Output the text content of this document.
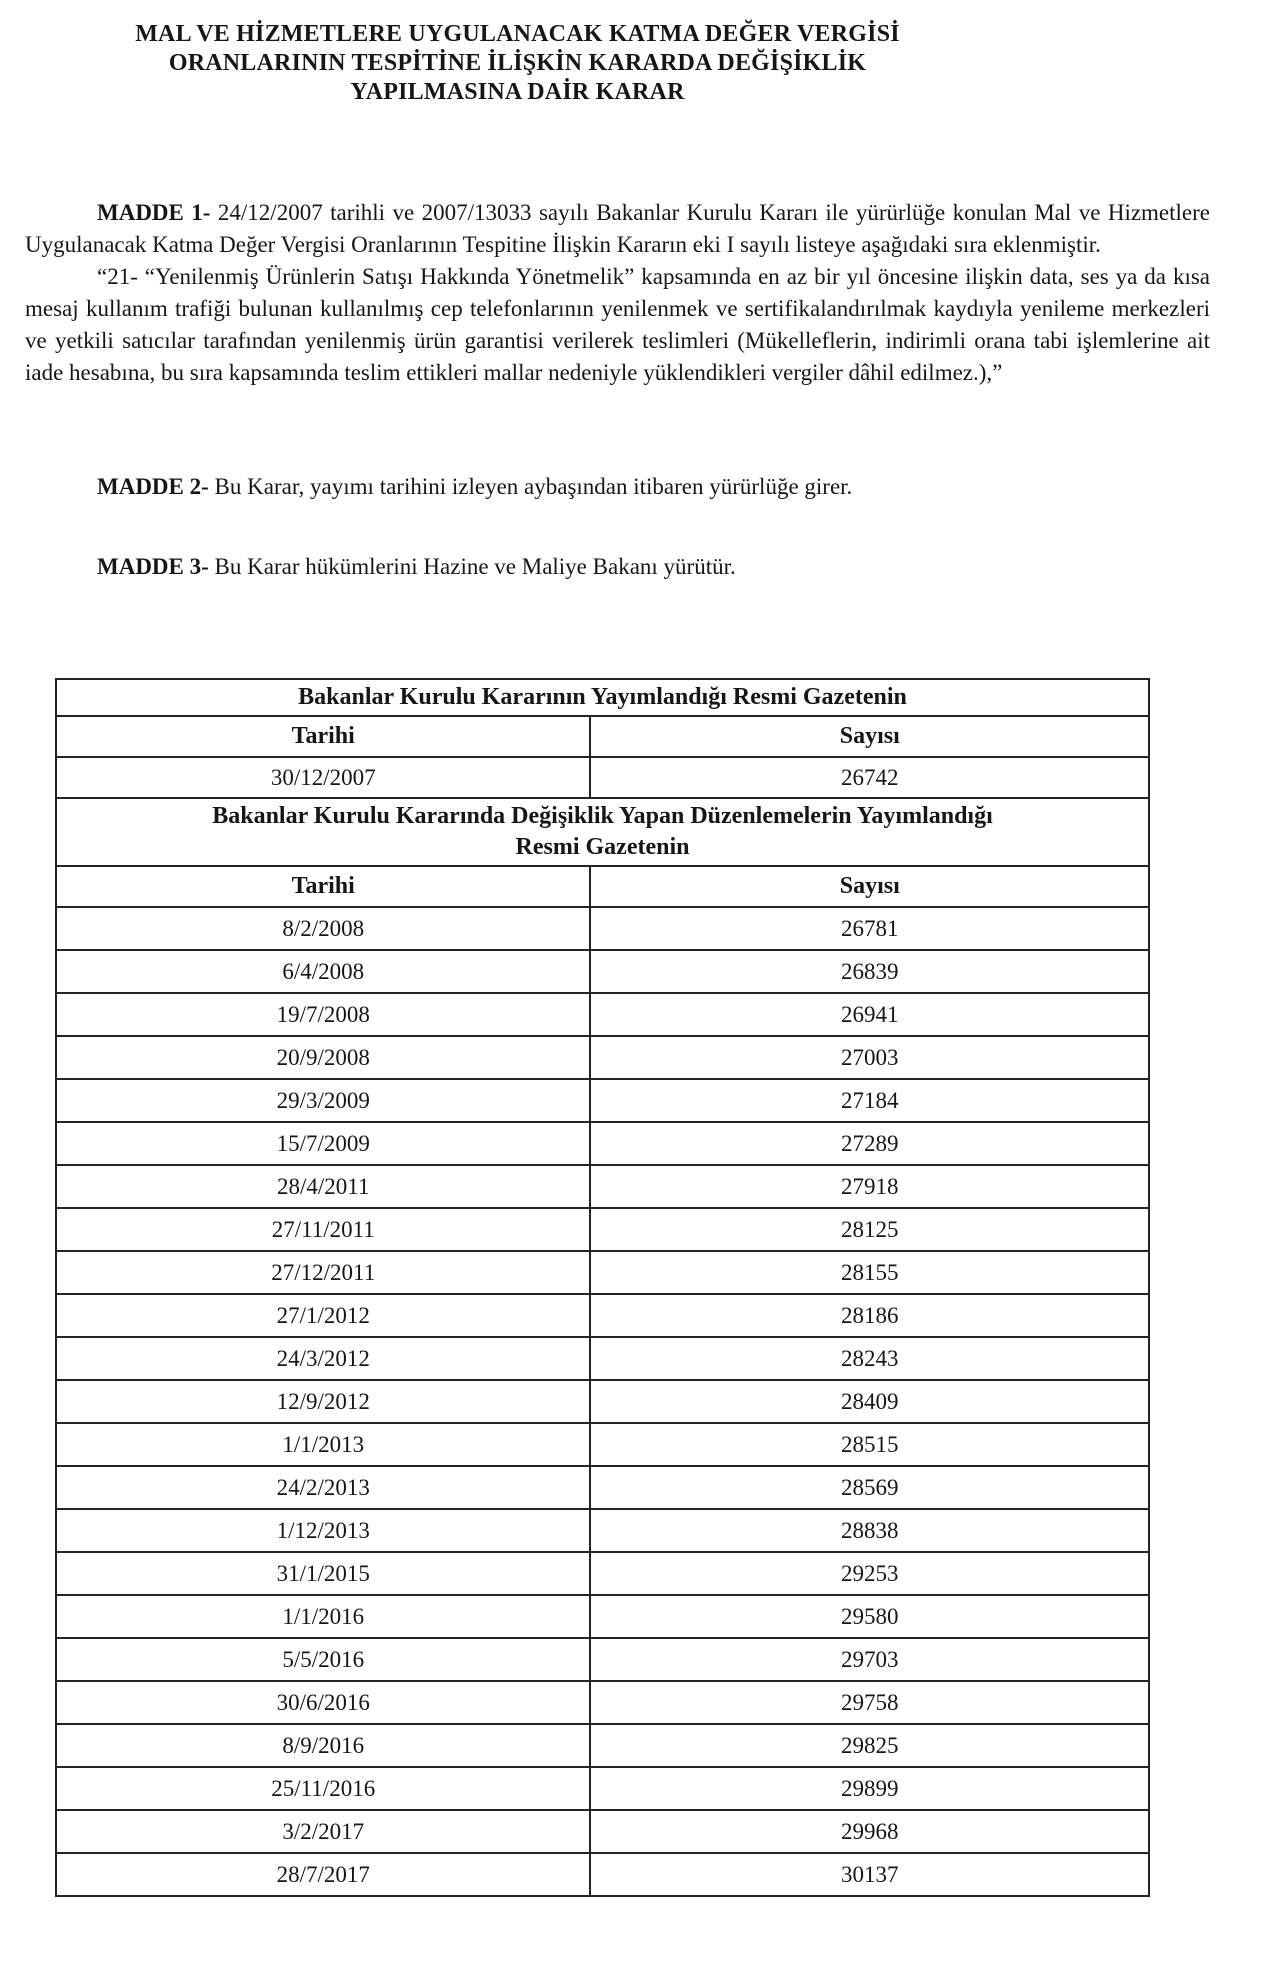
MAL VE HİZMETLERE UYGULANACAK KATMA DEĞER VERGİSİ
ORANLARININ TESPİTİNE İLİŞKİN KARARDA DEĞİŞİKLİK
YAPILMASINA DAİR KARAR

MADDE 1- 24/12/2007 tarihli ve 2007/13033 sayılı Bakanlar Kurulu Kararı ile yürürlüğe konulan Mal ve Hizmetlere Uygulanacak Katma Değer Vergisi Oranlarının Tespitine İlişkin Kararın eki I sayılı listeye aşağıdaki sıra eklenmiştir.

“21- “Yenilenmiş Ürünlerin Satışı Hakkında Yönetmelik” kapsamında en az bir yıl öncesine ilişkin data, ses ya da kısa mesaj kullanım trafiği bulunan kullanılmış cep telefonlarının yenilenmek ve sertifikalandırılmak kaydıyla yenileme merkezleri ve yetkili satıcılar tarafından yenilenmiş ürün garantisi verilerek teslimleri (Mükelleflerin, indirimli orana tabi işlemlerine ait iade hesabına, bu sıra kapsamında teslim ettikleri mallar nedeniyle yüklendikleri vergiler dâhil edilmez.),”

MADDE 2- Bu Karar, yayımı tarihini izleyen aybaşından itibaren yürürlüğe girer.

MADDE 3- Bu Karar hükümlerini Hazine ve Maliye Bakanı yürütür.

Bakanlar Kurulu Kararının Yayımlandığı Resmi Gazetenin	
Tarihi	Sayısı
30/12/2007	26742

Bakanlar Kurulu Kararında Değişiklik Yapan Düzenlemelerin Yayımlandığı
Resmi Gazetenin	

Tarihi	Sayısı
8/2/2008	26781
6/4/2008	26839
19/7/2008	26941
20/9/2008	27003
29/3/2009	27184
15/7/2009	27289
28/4/2011	27918
27/11/2011	28125
27/12/2011	28155
27/1/2012	28186
24/3/2012	28243
12/9/2012	28409
1/1/2013	28515
24/2/2013	28569
1/12/2013	28838
31/1/2015	29253
1/1/2016	29580
5/5/2016	29703
30/6/2016	29758
8/9/2016	29825
25/11/2016	29899
3/2/2017	29968
28/7/2017	30137
